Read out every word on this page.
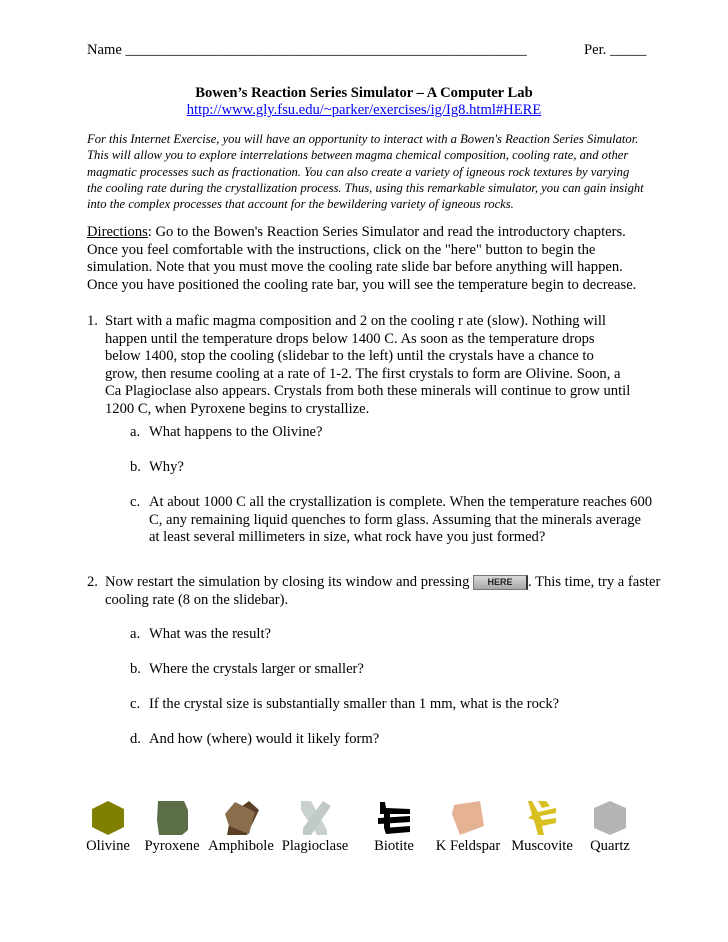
Name _______________________________________________________	Per. _____
Bowen’s Reaction Series Simulator – A Computer Lab
http://www.gly.fsu.edu/~parker/exercises/ig/Ig8.html#HERE
For this Internet Exercise, you will have an opportunity to interact with a Bowen's Reaction Series Simulator.
This will allow you to explore interrelations between magma chemical composition, cooling rate, and other
magmatic processes such as fractionation. You can also create a variety of igneous rock textures by varying
the cooling rate during the crystallization process. Thus, using this remarkable simulator, you can gain insight
into the complex processes that account for the bewildering variety of igneous rocks.
Directions: Go to the Bowen's Reaction Series Simulator and read the introductory chapters.
Once you feel comfortable with the instructions, click on the "here" button to begin the
simulation. Note that you must move the cooling rate slide bar before anything will happen.
Once you have positioned the cooling rate bar, you will see the temperature begin to decrease.
1. Start with a mafic magma composition and 2 on the cooling r ate (slow). Nothing will
happen until the temperature drops below 1400 C. As soon as the temperature drops
below 1400, stop the cooling (slidebar to the left) until the crystals have a chance to
grow, then resume cooling at a rate of 1-2. The first crystals to form are Olivine. Soon, a
Ca Plagioclase also appears. Crystals from both these minerals will continue to grow until
1200 C, when Pyroxene begins to crystallize.
a. What happens to the Olivine?
b. Why?
c. At about 1000 C all the crystallization is complete. When the temperature reaches 600
C, any remaining liquid quenches to form glass. Assuming that the minerals average
at least several millimeters in size, what rock have you just formed?
2. Now restart the simulation by closing its window and pressing HERE . This time, try a faster
cooling rate (8 on the slidebar).
a. What was the result?
b. Where the crystals larger or smaller?
c. If the crystal size is substantially smaller than 1 mm, what is the rock?
d. And how (where) would it likely form?
Olivine Pyroxene Amphibole Plagioclase	Biotite	K Feldspar Muscovite	Quartz
